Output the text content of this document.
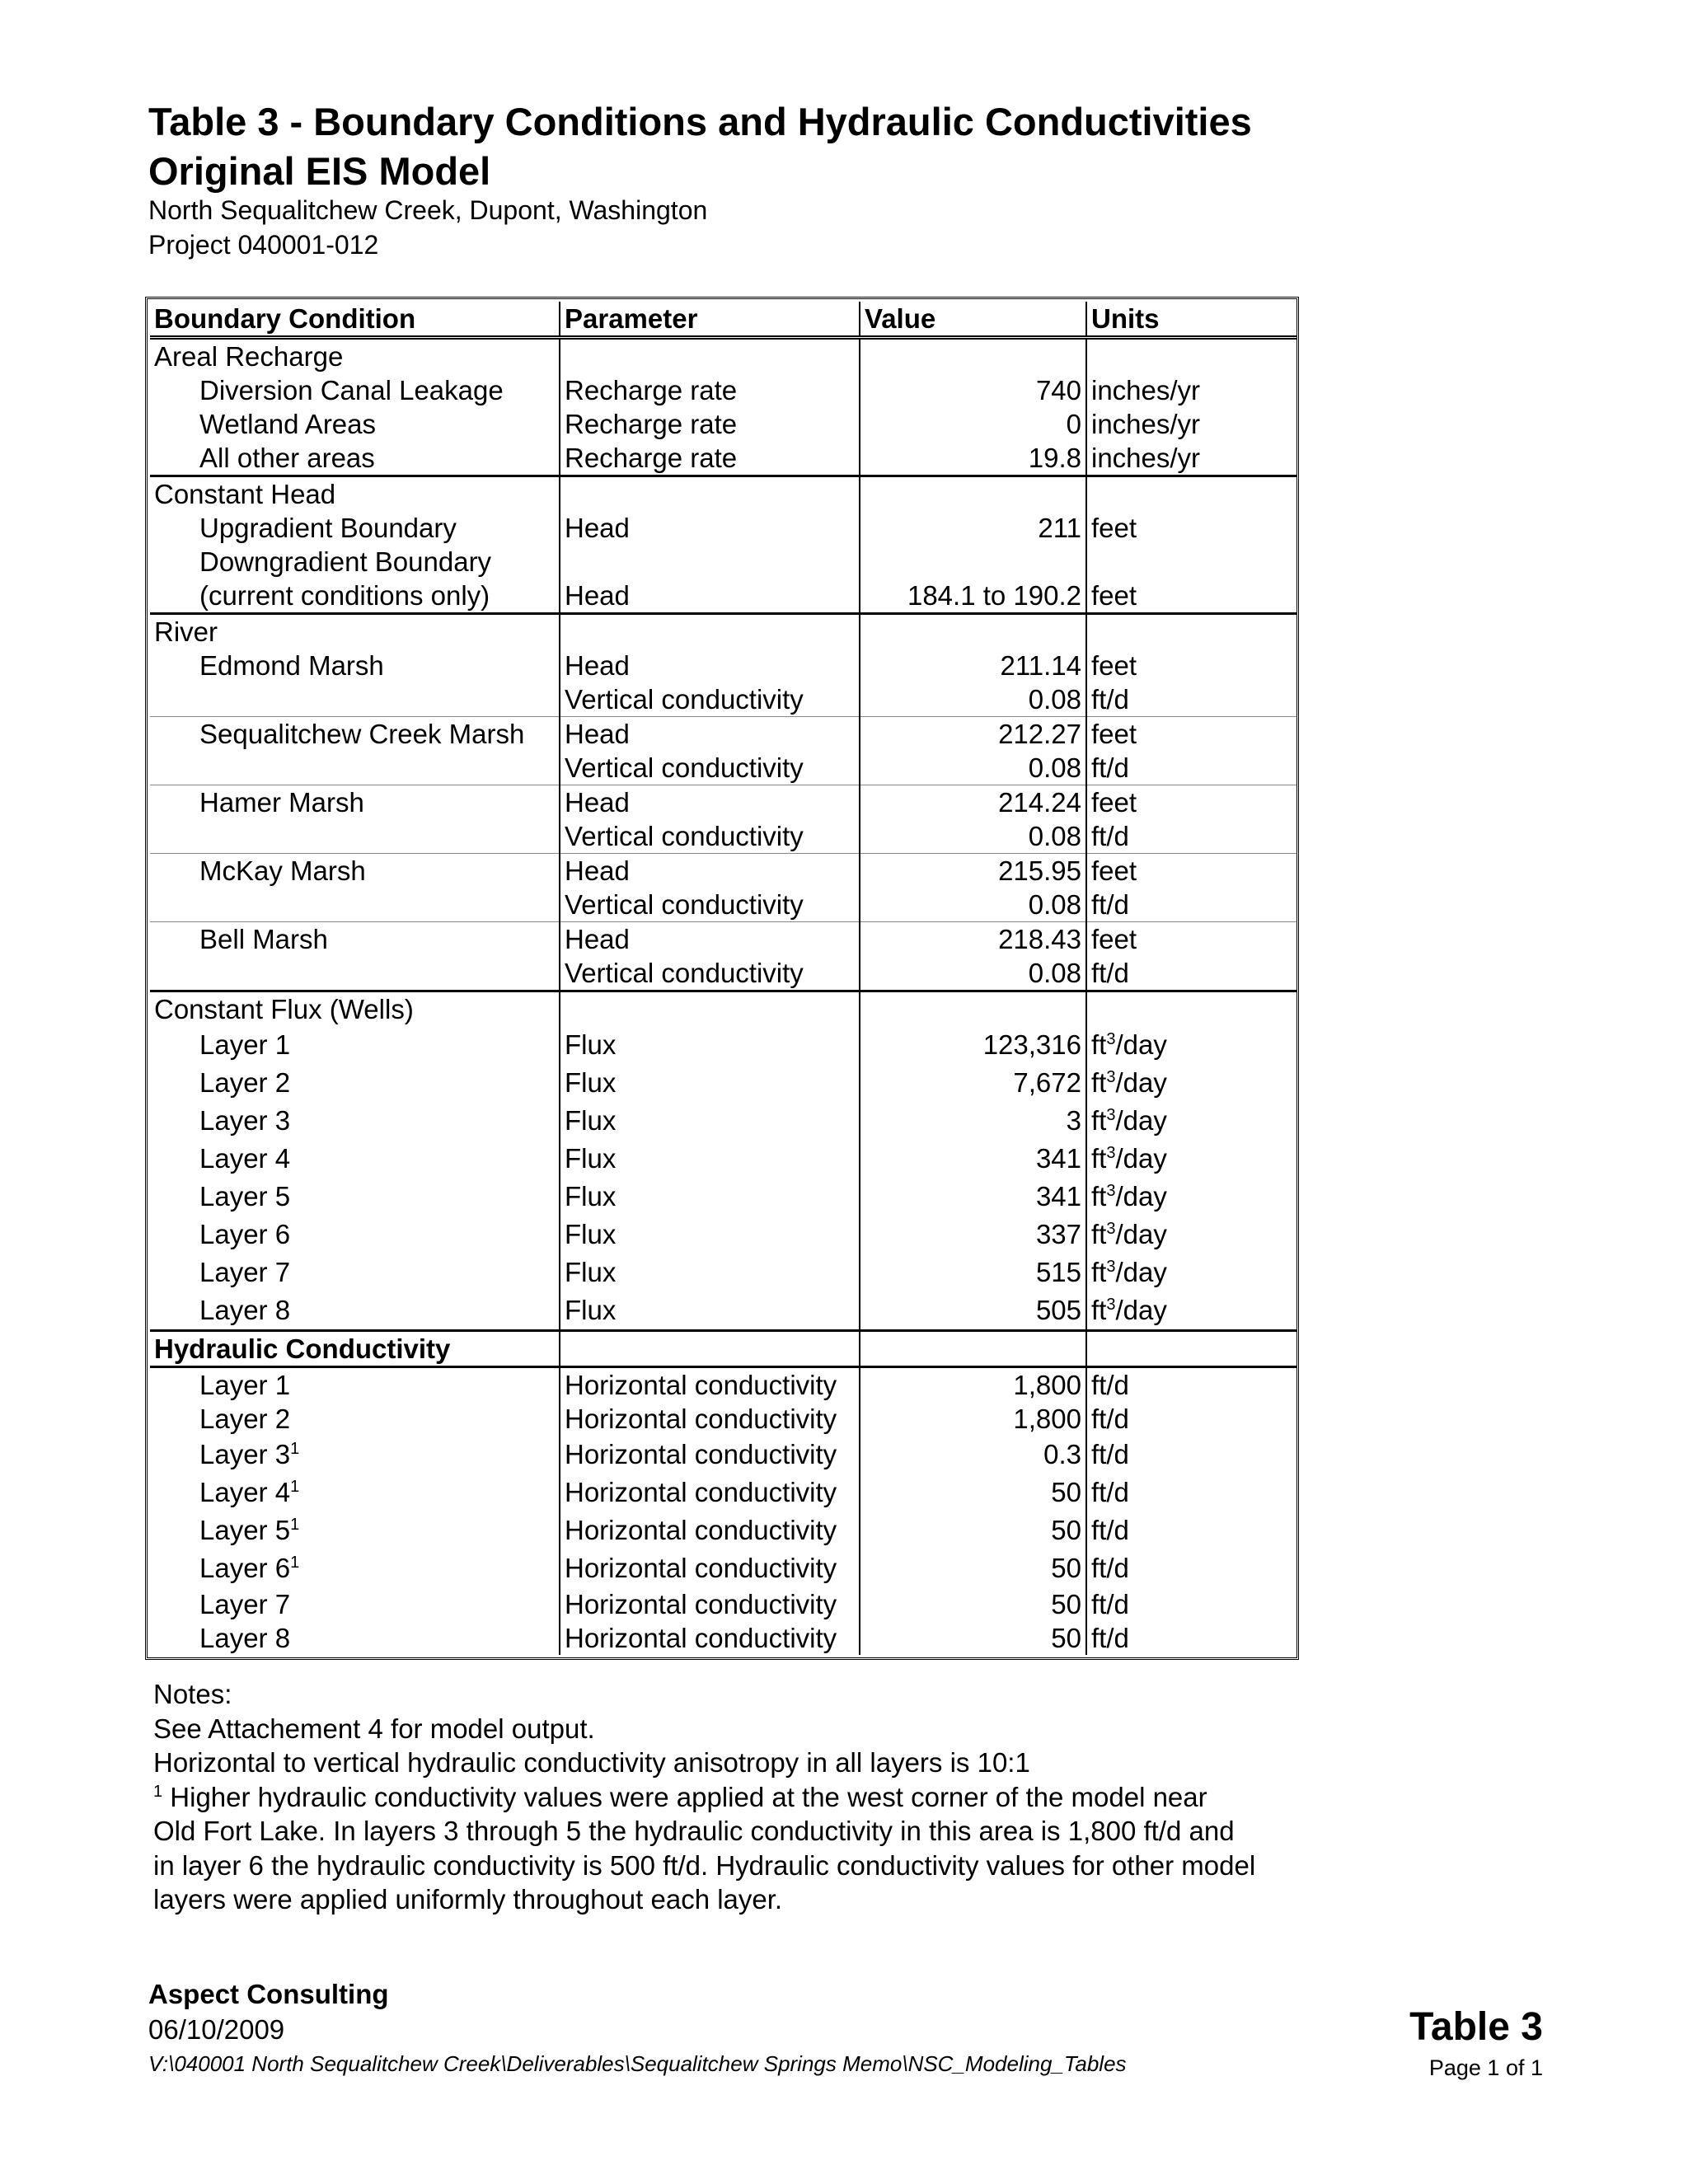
Table 3 - Boundary Conditions and Hydraulic Conductivities
Original EIS Model
North Sequalitchew Creek, Dupont, Washington
Project 040001-012
Boundary Condition	Parameter	Value	Units
Areal Recharge			
Diversion Canal Leakage	Recharge rate	740	inches/yr
Wetland Areas	Recharge rate	0	inches/yr
All other areas	Recharge rate	19.8	inches/yr
Constant Head			
Upgradient Boundary	Head	211	feet
Downgradient Boundary			
(current conditions only)	Head	184.1 to 190.2	feet
River			
Edmond Marsh	Head	211.14	feet
	Vertical conductivity	0.08	ft/d
Sequalitchew Creek Marsh	Head	212.27	feet
	Vertical conductivity	0.08	ft/d
Hamer Marsh	Head	214.24	feet
	Vertical conductivity	0.08	ft/d
McKay Marsh	Head	215.95	feet
	Vertical conductivity	0.08	ft/d
Bell Marsh	Head	218.43	feet
	Vertical conductivity	0.08	ft/d
Constant Flux (Wells)			
Layer 1	Flux	123,316	$ft^3$/day
Layer 2	Flux	7,672	$ft^3$/day
Layer 3	Flux	3	$ft^3$/day
Layer 4	Flux	341	$ft^3$/day
Layer 5	Flux	341	$ft^3$/day
Layer 6	Flux	337	$ft^3$/day
Layer 7	Flux	515	$ft^3$/day
Layer 8	Flux	505	$ft^3$/day
Hydraulic Conductivity			
Layer 1	Horizontal conductivity	1,800	ft/d
Layer 2	Horizontal conductivity	1,800	ft/d
Layer $3^1$	Horizontal conductivity	0.3	ft/d
Layer $4^1$	Horizontal conductivity	50	ft/d
Layer $5^1$	Horizontal conductivity	50	ft/d
Layer $6^1$	Horizontal conductivity	50	ft/d
Layer 7	Horizontal conductivity	50	ft/d
Layer 8	Horizontal conductivity	50	ft/d

Notes:

See Attachement 4 for model output.

Horizontal to vertical hydraulic conductivity anisotropy in all layers is 10:1

$^1$ Higher hydraulic conductivity values were applied at the west corner of the model near

Old Fort Lake. In layers 3 through 5 the hydraulic conductivity in this area is 1,800 ft/d and

in layer 6 the hydraulic conductivity is 500 ft/d. Hydraulic conductivity values for other model

layers were applied uniformly throughout each layer.

Aspect Consulting
06/10/2009
V:\040001 North Sequalitchew Creek\Deliverables\Sequalitchew Springs Memo\NSC_Modeling_Tables
Table 3
Page 1 of 1
